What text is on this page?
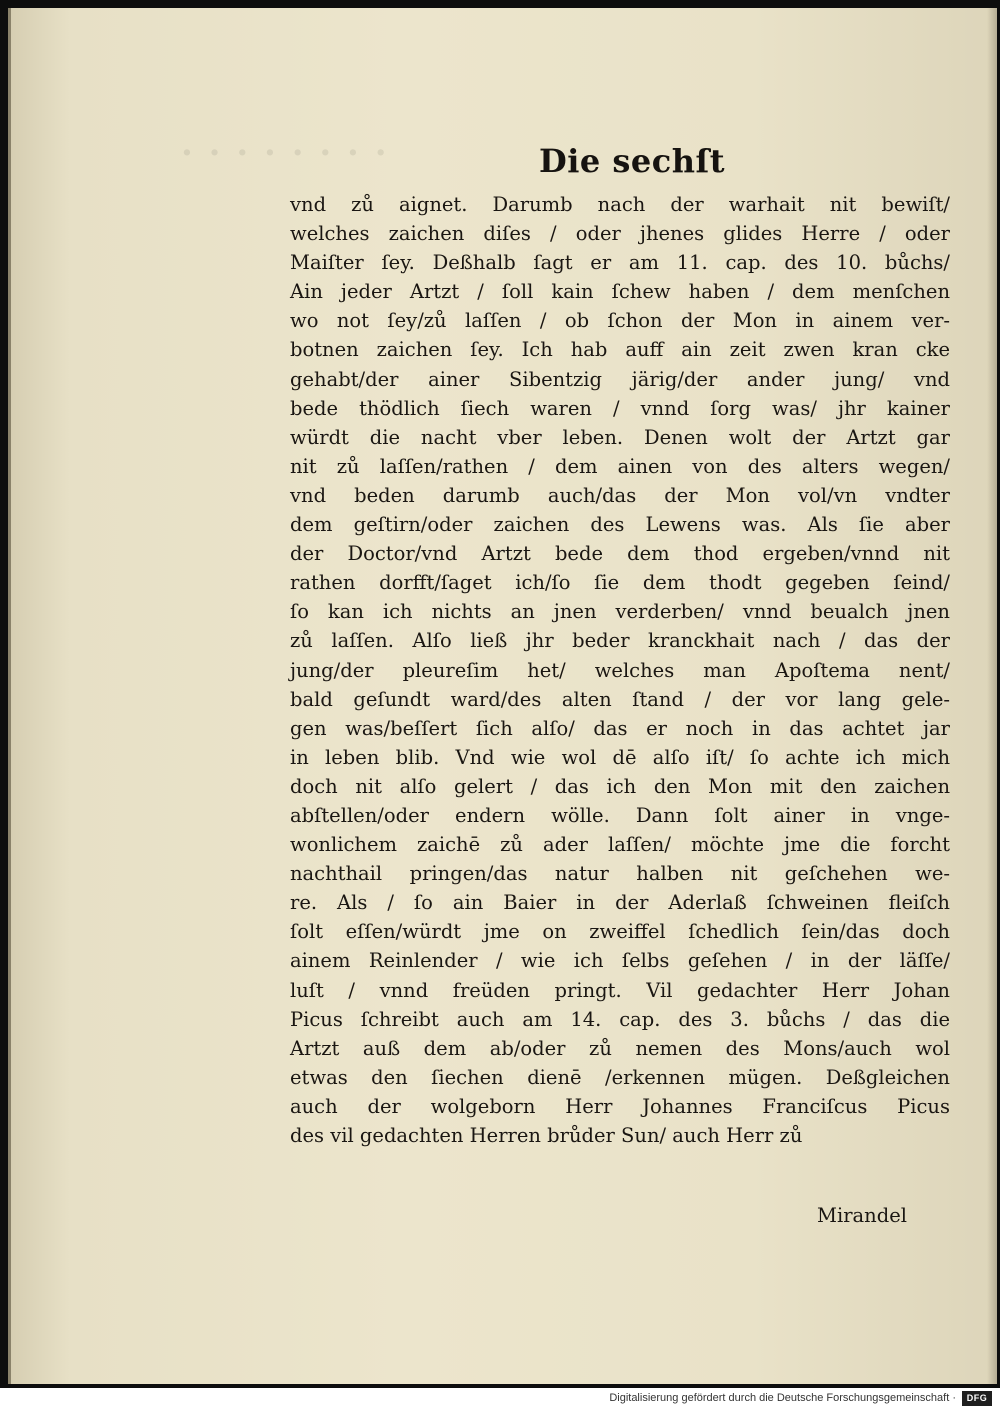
· · · · · · · ·	Die sechſt
vnd zů aignet. Darumb nach der warhait nit bewiſt/
welches zaichen diſes / oder jhenes glides Herre / oder
Maiſter ſey. Deßhalb ſagt er am 11. cap. des 10. bůchs/
Ain jeder Artzt / ſoll kain ſchew haben / dem menſchen
wo not ſey/zů laſſen / ob ſchon der Mon in ainem ver-
botnen zaichen ſey. Ich hab auff ain zeit zwen kran cke
gehabt/der ainer Sibentzig järig/der ander jung/ vnd
bede thödlich ſiech waren / vnnd ſorg was/ jhr kainer
würdt die nacht vber leben. Denen wolt der Artzt gar
nit zů laſſen/rathen / dem ainen von des alters wegen/
vnd beden darumb auch/das der Mon vol/vn vndter
dem geſtirn/oder zaichen des Lewens was. Als ſie aber
der Doctor/vnd Artzt bede dem thod ergeben/vnnd nit
rathen dorfft/ſaget ich/ſo ſie dem thodt gegeben ſeind/
ſo kan ich nichts an jnen verderben/ vnnd beualch jnen
zů laſſen. Alſo ließ jhr beder kranckhait nach / das der
jung/der pleureſim het/ welches man Apoſtema nent/
bald geſundt ward/des alten ſtand / der vor lang gele-
gen was/beſſert ſich alſo/ das er noch in das achtet jar
in leben blib. Vnd wie wol dē alſo iſt/ ſo achte ich mich
doch nit alſo gelert / das ich den Mon mit den zaichen
abſtellen/oder endern wölle. Dann ſolt ainer in vnge-
wonlichem zaichē zů ader laſſen/ möchte jme die forcht
nachthail pringen/das natur halben nit geſchehen we-
re. Als / ſo ain Baier in der Aderlaß ſchweinen fleiſch
ſolt eſſen/würdt jme on zweiffel ſchedlich ſein/das doch
ainem Reinlender / wie ich ſelbs geſehen / in der läſſe/
luſt / vnnd freüden pringt. Vil gedachter Herr Johan
Picus ſchreibt auch am 14. cap. des 3. bůchs / das die
Artzt auß dem ab/oder zů nemen des Mons/auch wol
etwas den ſiechen dienē /erkennen mügen. Deßgleichen
auch der wolgeborn Herr Johannes Franciſcus Picus
des vil gedachten Herren brůder Sun/ auch Herr zů
Mirandel
Digitalisierung gefördert durch die Deutsche Forschungsgemeinschaft ·	DFG
